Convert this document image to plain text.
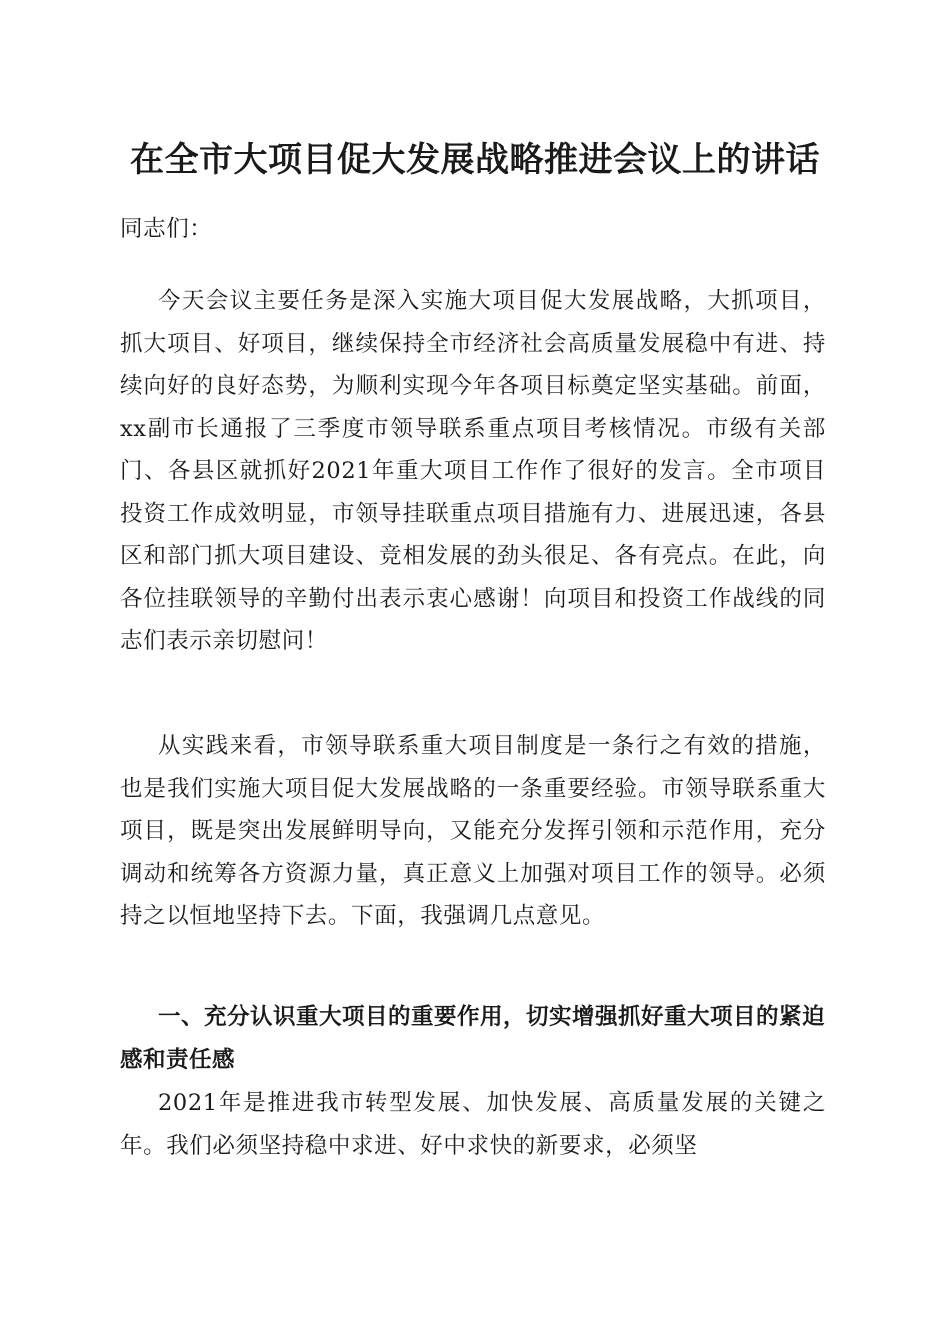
在全市大项目促大发展战略推进会议上的讲话

同志们：

今天会议主要任务是深入实施大项目促大发展战略，大抓项目，抓大项目、好项目，继续保持全市经济社会高质量发展稳中有进、持续向好的良好态势，为顺利实现今年各项目标奠定坚实基础。前面，xx副市长通报了三季度市领导联系重点项目考核情况。市级有关部门、各县区就抓好2021年重大项目工作作了很好的发言。全市项目投资工作成效明显，市领导挂联重点项目措施有力、进展迅速，各县区和部门抓大项目建设、竞相发展的劲头很足、各有亮点。在此，向各位挂联领导的辛勤付出表示衷心感谢！向项目和投资工作战线的同志们表示亲切慰问！

从实践来看，市领导联系重大项目制度是一条行之有效的措施，也是我们实施大项目促大发展战略的一条重要经验。市领导联系重大项目，既是突出发展鲜明导向，又能充分发挥引领和示范作用，充分调动和统筹各方资源力量，真正意义上加强对项目工作的领导。必须持之以恒地坚持下去。下面，我强调几点意见。

一、充分认识重大项目的重要作用，切实增强抓好重大项目的紧迫感和责任感

2021年是推进我市转型发展、加快发展、高质量发展的关键之年。我们必须坚持稳中求进、好中求快的新要求，必须坚
